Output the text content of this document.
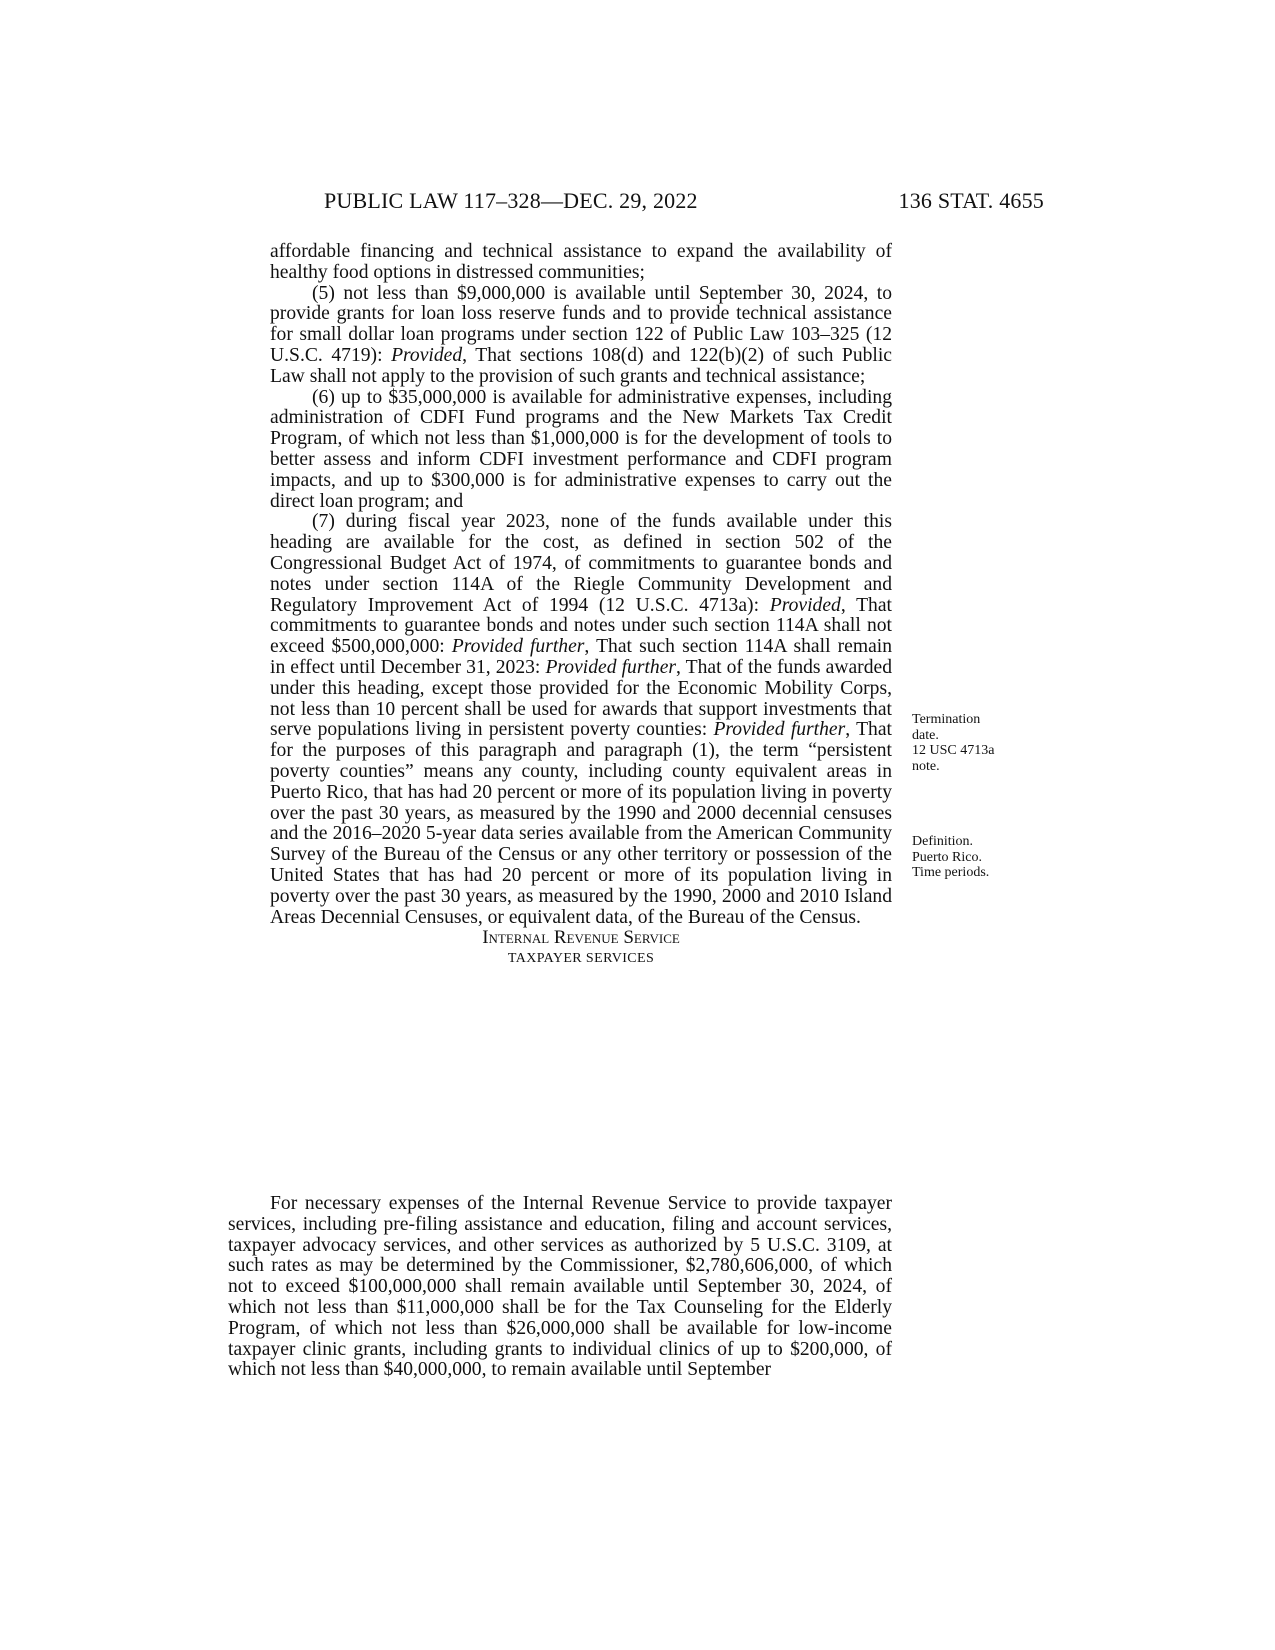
PUBLIC LAW 117–328—DEC. 29, 2022	136 STAT. 4655

affordable financing and technical assistance to expand the availability of healthy food options in distressed communities;

(5) not less than $9,000,000 is available until September 30, 2024, to provide grants for loan loss reserve funds and to provide technical assistance for small dollar loan programs under section 122 of Public Law 103–325 (12 U.S.C. 4719): Provided, That sections 108(d) and 122(b)(2) of such Public Law shall not apply to the provision of such grants and technical assistance;

(6) up to $35,000,000 is available for administrative expenses, including administration of CDFI Fund programs and the New Markets Tax Credit Program, of which not less than $1,000,000 is for the development of tools to better assess and inform CDFI investment performance and CDFI program impacts, and up to $300,000 is for administrative expenses to carry out the direct loan program; and

(7) during fiscal year 2023, none of the funds available under this heading are available for the cost, as defined in section 502 of the Congressional Budget Act of 1974, of commitments to guarantee bonds and notes under section 114A of the Riegle Community Development and Regulatory Improvement Act of 1994 (12 U.S.C. 4713a): Provided, That commitments to guarantee bonds and notes under such section 114A shall not exceed $500,000,000: Provided further, That such section 114A shall remain in effect until December 31, 2023: Provided further, That of the funds awarded under this heading, except those provided for the Economic Mobility Corps, not less than 10 percent shall be used for awards that support investments that serve populations living in persistent poverty counties: Provided further, That for the purposes of this paragraph and paragraph (1), the term “persistent poverty counties” means any county, including county equivalent areas in Puerto Rico, that has had 20 percent or more of its population living in poverty over the past 30 years, as measured by the 1990 and 2000 decennial censuses and the 2016–2020 5-year data series available from the American Community Survey of the Bureau of the Census or any other territory or possession of the United States that has had 20 percent or more of its population living in poverty over the past 30 years, as measured by the 1990, 2000 and 2010 Island Areas Decennial Censuses, or equivalent data, of the Bureau of the Census.

Internal Revenue Service

TAXPAYER SERVICES

For necessary expenses of the Internal Revenue Service to provide taxpayer services, including pre-filing assistance and education, filing and account services, taxpayer advocacy services, and other services as authorized by 5 U.S.C. 3109, at such rates as may be determined by the Commissioner, $2,780,606,000, of which not to exceed $100,000,000 shall remain available until September 30, 2024, of which not less than $11,000,000 shall be for the Tax Counseling for the Elderly Program, of which not less than $26,000,000 shall be available for low-income taxpayer clinic grants, including grants to individual clinics of up to $200,000, of which not less than $40,000,000, to remain available until September

Termination
date.
12 USC 4713a
note.
Definition.
Puerto Rico.
Time periods.
